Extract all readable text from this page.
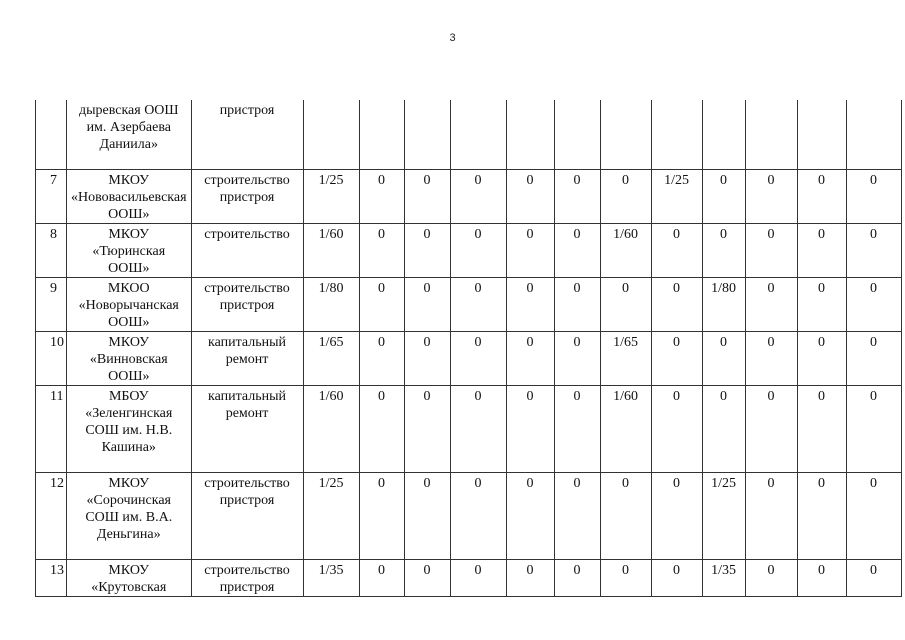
3
	дыревская ООШ им. Азербаева Даниила»	пристроя												
7	МКОУ «Нововасильевская ООШ»	строительство пристроя	1/25	0	0	0	0	0	0	1/25	0	0	0	0
8	МКОУ «Тюринская ООШ»	строительство	1/60	0	0	0	0	0	1/60	0	0	0	0	0
9	МКОО «Новорычанская ООШ»	строительство пристроя	1/80	0	0	0	0	0	0	0	1/80	0	0	0
10	МКОУ «Винновская ООШ»	капитальный ремонт	1/65	0	0	0	0	0	1/65	0	0	0	0	0
11	МБОУ «Зеленгинская СОШ им. Н.В. Кашина»	капитальный ремонт	1/60	0	0	0	0	0	1/60	0	0	0	0	0
12	МКОУ «Сорочинская СОШ им. В.А. Деньгина»	строительство пристроя	1/25	0	0	0	0	0	0	0	1/25	0	0	0
13	МКОУ «Крутовская	строительство пристроя	1/35	0	0	0	0	0	0	0	1/35	0	0	0
